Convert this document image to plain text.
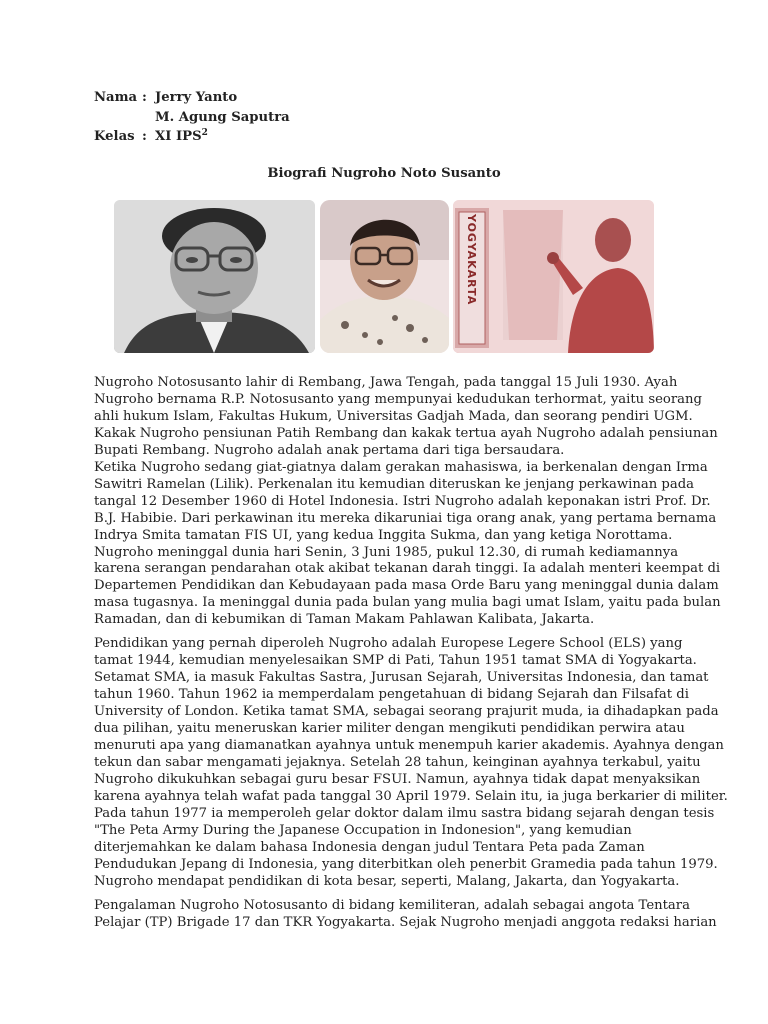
Nama : Jerry Yanto
M. Agung Saputra
Kelas : XI IPS$^2$
Biografi Nugroho Noto Susanto
YOGYAKARTA

Nugroho Notosusanto lahir di Rembang, Jawa Tengah, pada tanggal 15 Juli 1930. Ayah
Nugroho bernama R.P. Notosusanto yang mempunyai kedudukan terhormat, yaitu seorang
ahli hukum Islam, Fakultas Hukum, Universitas Gadjah Mada, dan seorang pendiri UGM.
Kakak Nugroho pensiunan Patih Rembang dan kakak tertua ayah Nugroho adalah pensiunan
Bupati Rembang. Nugroho adalah anak pertama dari tiga bersaudara.
Ketika Nugroho sedang giat-giatnya dalam gerakan mahasiswa, ia berkenalan dengan Irma
Sawitri Ramelan (Lilik). Perkenalan itu kemudian diteruskan ke jenjang perkawinan pada
tangal 12 Desember 1960 di Hotel Indonesia. Istri Nugroho adalah keponakan istri Prof. Dr.
B.J. Habibie. Dari perkawinan itu mereka dikaruniai tiga orang anak, yang pertama bernama
Indrya Smita tamatan FIS UI, yang kedua Inggita Sukma, dan yang ketiga Norottama.
Nugroho meninggal dunia hari Senin, 3 Juni 1985, pukul 12.30, di rumah kediamannya
karena serangan pendarahan otak akibat tekanan darah tinggi. Ia adalah menteri keempat di
Departemen Pendidikan dan Kebudayaan pada masa Orde Baru yang meninggal dunia dalam
masa tugasnya. Ia meninggal dunia pada bulan yang mulia bagi umat Islam, yaitu pada bulan
Ramadan, dan di kebumikan di Taman Makam Pahlawan Kalibata, Jakarta.

Pendidikan yang pernah diperoleh Nugroho adalah Europese Legere School (ELS) yang
tamat 1944, kemudian menyelesaikan SMP di Pati, Tahun 1951 tamat SMA di Yogyakarta.
Setamat SMA, ia masuk Fakultas Sastra, Jurusan Sejarah, Universitas Indonesia, dan tamat
tahun 1960. Tahun 1962 ia memperdalam pengetahuan di bidang Sejarah dan Filsafat di
University of London. Ketika tamat SMA, sebagai seorang prajurit muda, ia dihadapkan pada
dua pilihan, yaitu meneruskan karier militer dengan mengikuti pendidikan perwira atau
menuruti apa yang diamanatkan ayahnya untuk menempuh karier akademis. Ayahnya dengan
tekun dan sabar mengamati jejaknya. Setelah 28 tahun, keinginan ayahnya terkabul, yaitu
Nugroho dikukuhkan sebagai guru besar FSUI. Namun, ayahnya tidak dapat menyaksikan
karena ayahnya telah wafat pada tanggal 30 April 1979. Selain itu, ia juga berkarier di militer.
Pada tahun 1977 ia memperoleh gelar doktor dalam ilmu sastra bidang sejarah dengan tesis
"The Peta Army During the Japanese Occupation in Indonesion", yang kemudian
diterjemahkan ke dalam bahasa Indonesia dengan judul Tentara Peta pada Zaman
Pendudukan Jepang di Indonesia, yang diterbitkan oleh penerbit Gramedia pada tahun 1979.
Nugroho mendapat pendidikan di kota besar, seperti, Malang, Jakarta, dan Yogyakarta.

Pengalaman Nugroho Notosusanto di bidang kemiliteran, adalah sebagai angota Tentara
Pelajar (TP) Brigade 17 dan TKR Yogyakarta. Sejak Nugroho menjadi anggota redaksi harian
